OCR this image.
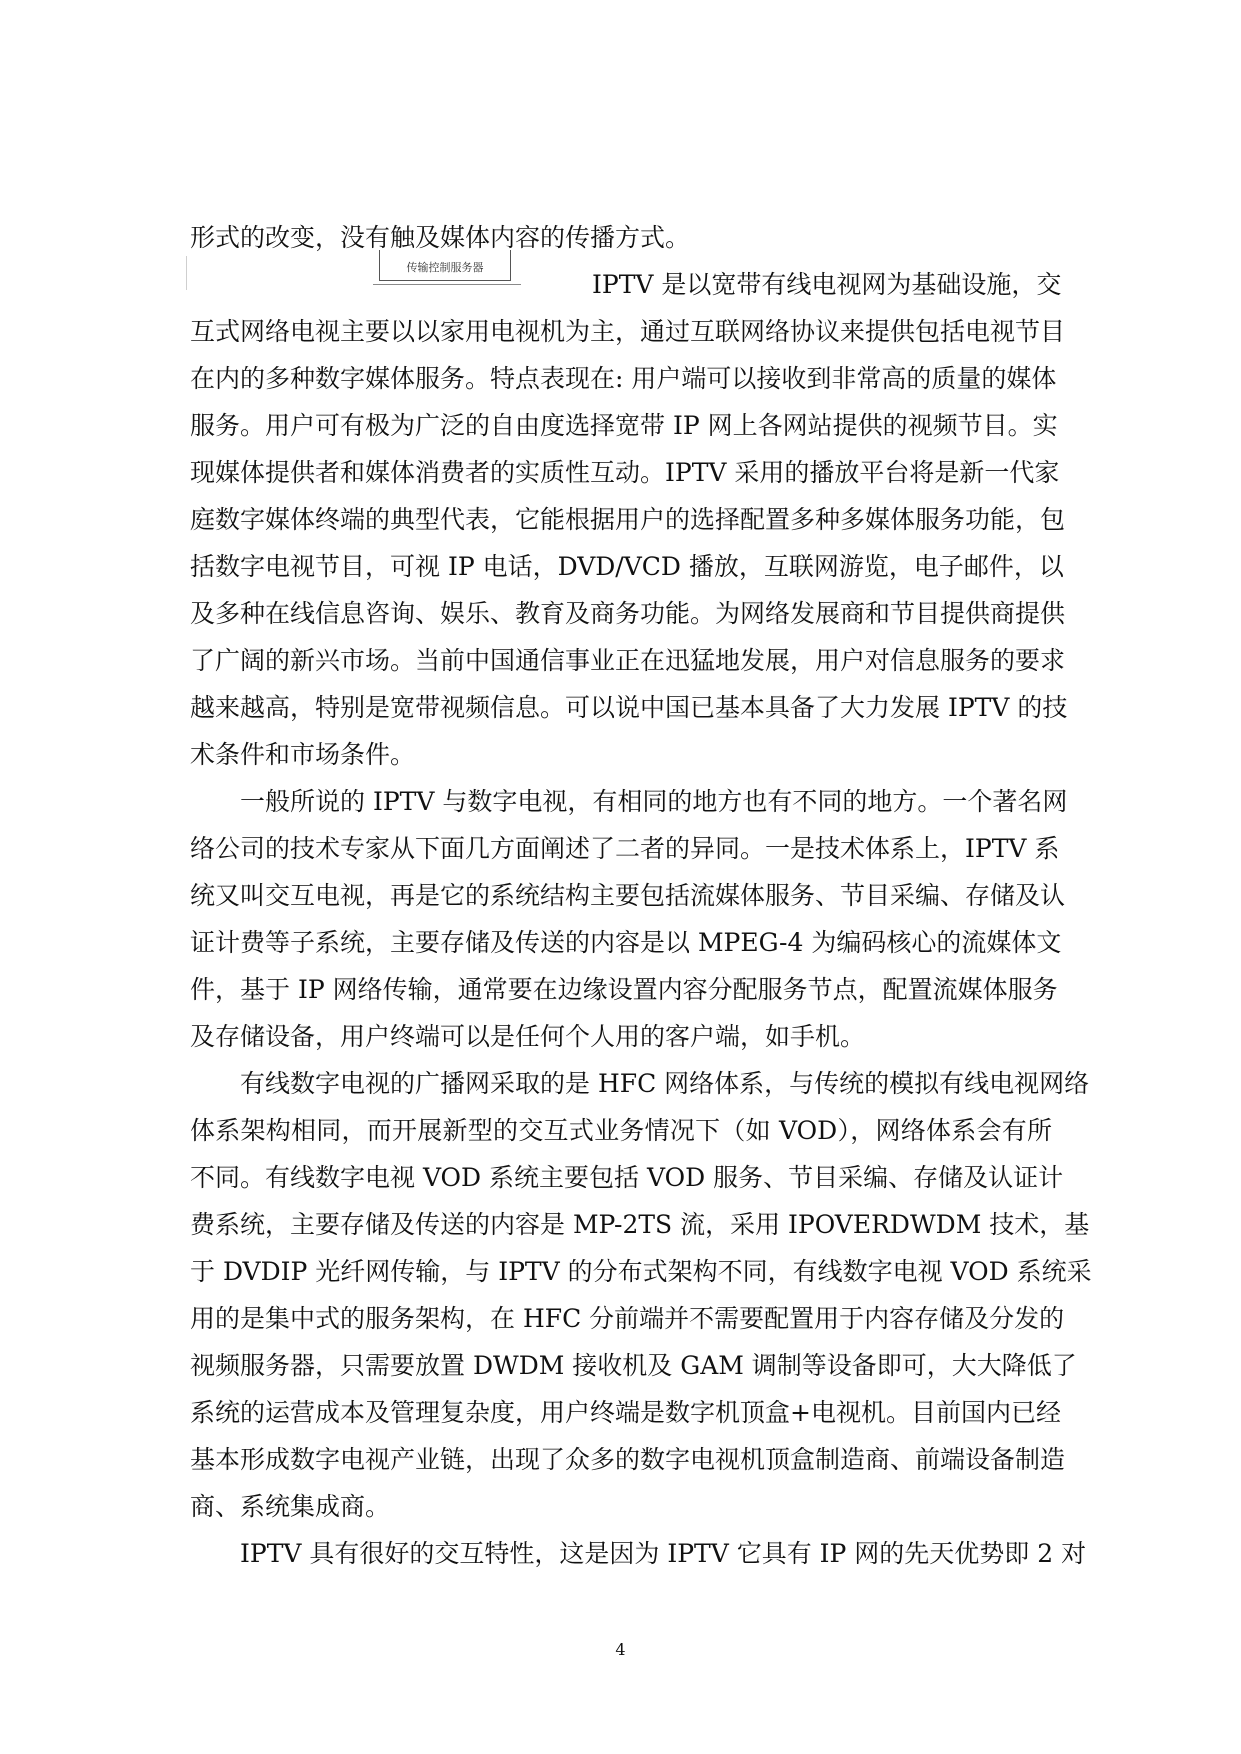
传输控制服务器
形式的改变，没有触及媒体内容的传播方式。
IPTV 是以宽带有线电视网为基础设施，交
互式网络电视主要以以家用电视机为主，通过互联网络协议来提供包括电视节目
在内的多种数字媒体服务。特点表现在: 用户端可以接收到非常高的质量的媒体
服务。用户可有极为广泛的自由度选择宽带 IP 网上各网站提供的视频节目。实
现媒体提供者和媒体消费者的实质性互动。IPTV 采用的播放平台将是新一代家
庭数字媒体终端的典型代表，它能根据用户的选择配置多种多媒体服务功能，包
括数字电视节目，可视 IP 电话，DVD/VCD 播放，互联网游览，电子邮件，以
及多种在线信息咨询、娱乐、教育及商务功能。为网络发展商和节目提供商提供
了广阔的新兴市场。当前中国通信事业正在迅猛地发展，用户对信息服务的要求
越来越高，特别是宽带视频信息。可以说中国已基本具备了大力发展 IPTV 的技
术条件和市场条件。
一般所说的 IPTV 与数字电视，有相同的地方也有不同的地方。一个著名网
络公司的技术专家从下面几方面阐述了二者的异同。一是技术体系上，IPTV 系
统又叫交互电视，再是它的系统结构主要包括流媒体服务、节目采编、存储及认
证计费等子系统，主要存储及传送的内容是以 MPEG-4 为编码核心的流媒体文
件，基于 IP 网络传输，通常要在边缘设置内容分配服务节点，配置流媒体服务
及存储设备，用户终端可以是任何个人用的客户端，如手机。
有线数字电视的广播网采取的是 HFC 网络体系，与传统的模拟有线电视网络
体系架构相同，而开展新型的交互式业务情况下（如 VOD），网络体系会有所
不同。有线数字电视 VOD 系统主要包括 VOD 服务、节目采编、存储及认证计
费系统，主要存储及传送的内容是 MP-2TS 流，采用 IPOVERDWDM 技术，基
于 DVDIP 光纤网传输，与 IPTV 的分布式架构不同，有线数字电视 VOD 系统采
用的是集中式的服务架构，在 HFC 分前端并不需要配置用于内容存储及分发的
视频服务器，只需要放置 DWDM 接收机及 GAM 调制等设备即可，大大降低了
系统的运营成本及管理复杂度，用户终端是数字机顶盒+电视机。目前国内已经
基本形成数字电视产业链，出现了众多的数字电视机顶盒制造商、前端设备制造
商、系统集成商。
IPTV 具有很好的交互特性，这是因为 IPTV 它具有 IP 网的先天优势即 2 对
4
